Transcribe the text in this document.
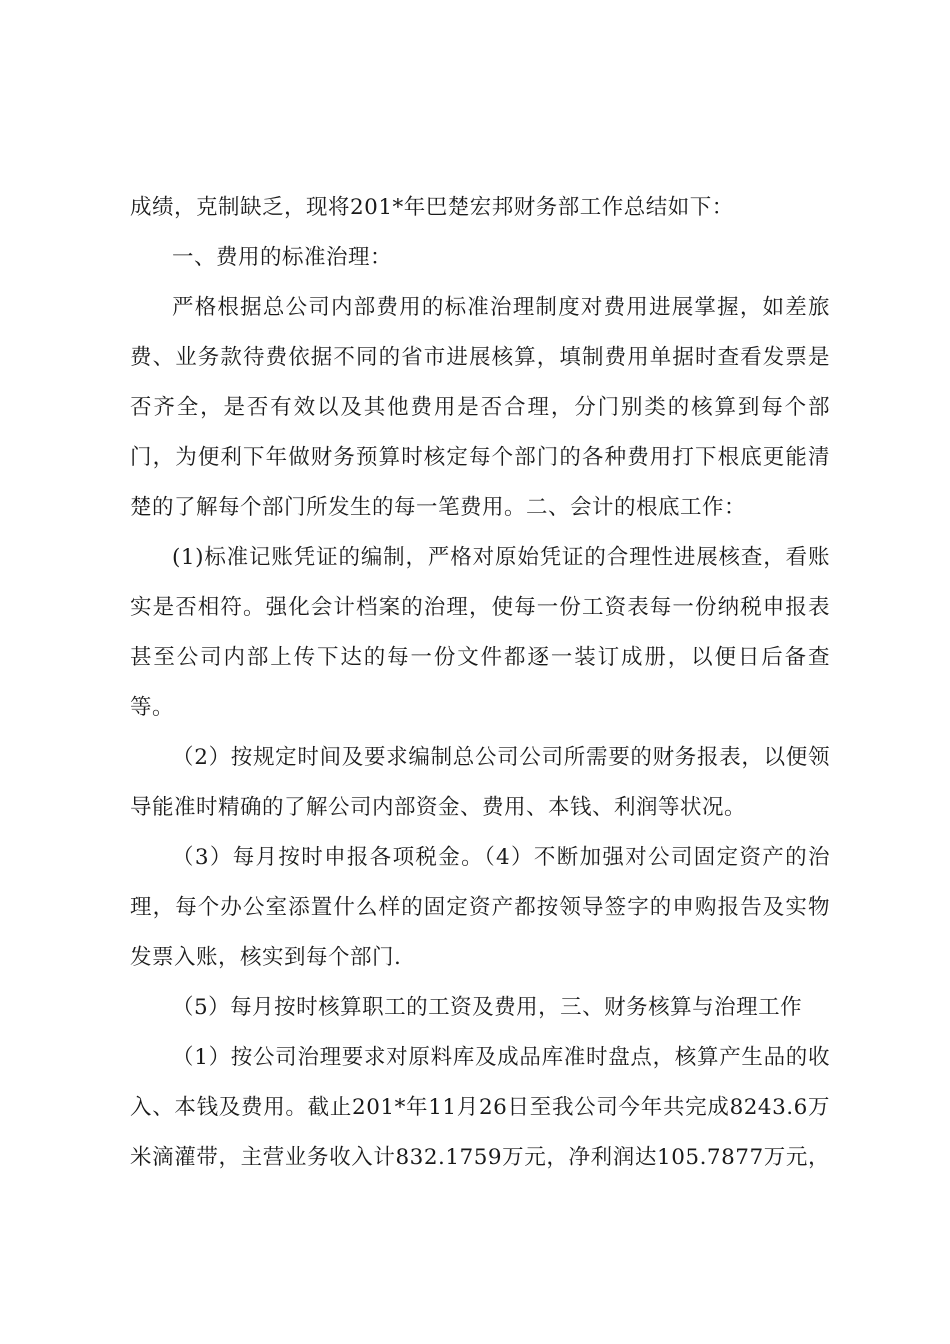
成绩，克制缺乏，现将201*年巴楚宏邦财务部工作总结如下：
一、费用的标准治理：
严格根据总公司内部费用的标准治理制度对费用进展掌握，如差旅
费、业务款待费依据不同的省市进展核算，填制费用单据时查看发票是
否齐全，是否有效以及其他费用是否合理，分门别类的核算到每个部
门，为便利下年做财务预算时核定每个部门的各种费用打下根底更能清
楚的了解每个部门所发生的每一笔费用。二、会计的根底工作：
(1)标准记账凭证的编制，严格对原始凭证的合理性进展核查，看账
实是否相符。强化会计档案的治理，使每一份工资表每一份纳税申报表
甚至公司内部上传下达的每一份文件都逐一装订成册，以便日后备查
等。
（2）按规定时间及要求编制总公司公司所需要的财务报表，以便领
导能准时精确的了解公司内部资金、费用、本钱、利润等状况。
（3）每月按时申报各项税金。（4）不断加强对公司固定资产的治
理，每个办公室添置什么样的固定资产都按领导签字的申购报告及实物
发票入账，核实到每个部门.
（5）每月按时核算职工的工资及费用，三、财务核算与治理工作
（1）按公司治理要求对原料库及成品库准时盘点，核算产生品的收
入、本钱及费用。截止201*年11月26日至我公司今年共完成8243.6万
米滴灌带，主营业务收入计832.1759万元，净利润达105.7877万元，
